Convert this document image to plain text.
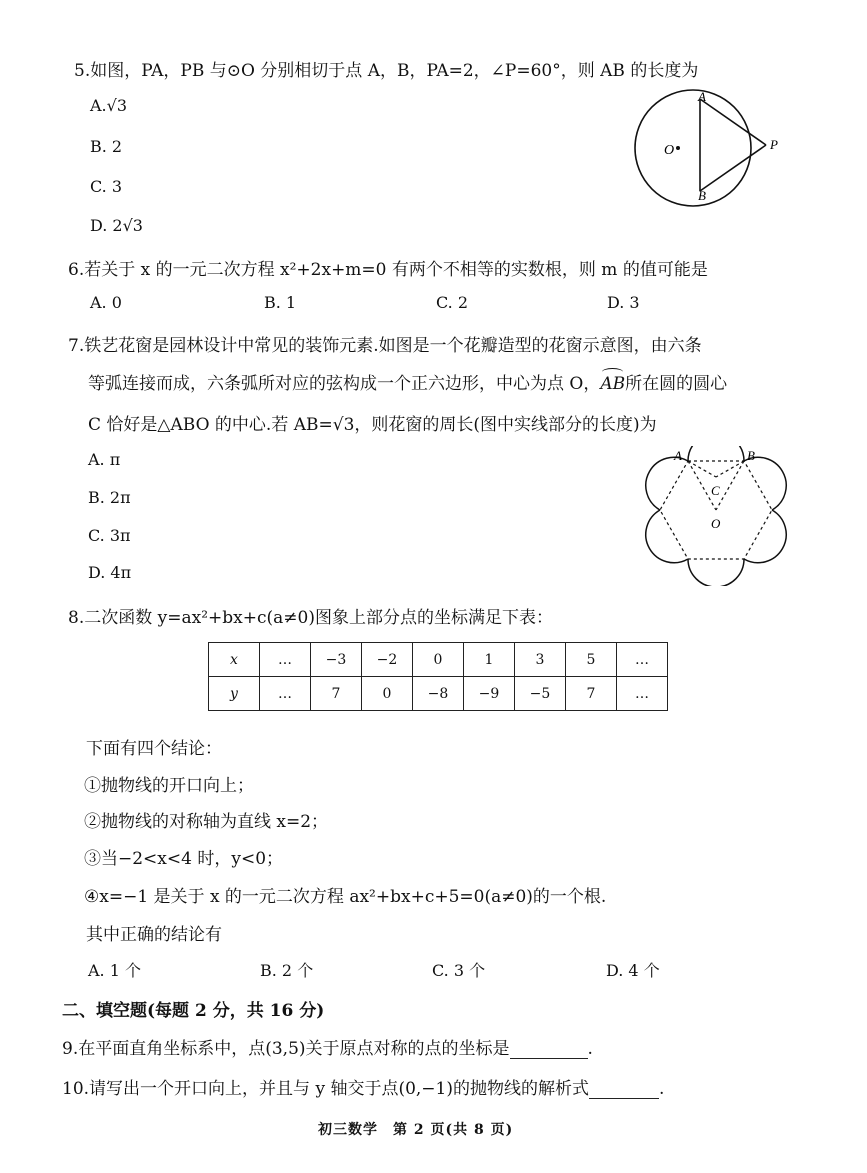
5.如图，PA，PB 与⊙O 分别相切于点 A，B，PA=2，∠P=60°，则 AB 的长度为
A.√3
B. 2
C. 3
D. 2√3
A
B
O	P
6.若关于 x 的一元二次方程 x²+2x+m=0 有两个不相等的实数根，则 m 的值可能是
A. 0	B. 1	C. 2	D. 3
7.铁艺花窗是园林设计中常见的装饰元素.如图是一个花瓣造型的花窗示意图，由六条
等弧连接而成，六条弧所对应的弦构成一个正六边形，中心为点 O，
AB所在圆的圆心
C 恰好是△ABO 的中心.若 AB=√3，则花窗的周长(图中实线部分的长度)为
A. π
B. 2π
C. 3π
D. 4π
A	B
C
O
8.二次函数 y=ax²+bx+c(a≠0)图象上部分点的坐标满足下表：
x	…	−3	−2	0	1	3	5	…
y	…	7	0	−8	−9	−5	7	…
下面有四个结论：
①抛物线的开口向上；
②抛物线的对称轴为直线 x=2；
③当−2<x<4 时，y<0；
④x=−1 是关于 x 的一元二次方程 ax²+bx+c+5=0(a≠0)的一个根.
其中正确的结论有
A. 1 个	B. 2 个	C. 3 个	D. 4 个
二、填空题(每题 2 分，共 16 分)
9.在平面直角坐标系中，点(3,5)关于原点对称的点的坐标是	.
10.请写出一个开口向上，并且与 y 轴交于点(0,−1)的抛物线的解析式	.
初三数学　第 2 页(共 8 页)
